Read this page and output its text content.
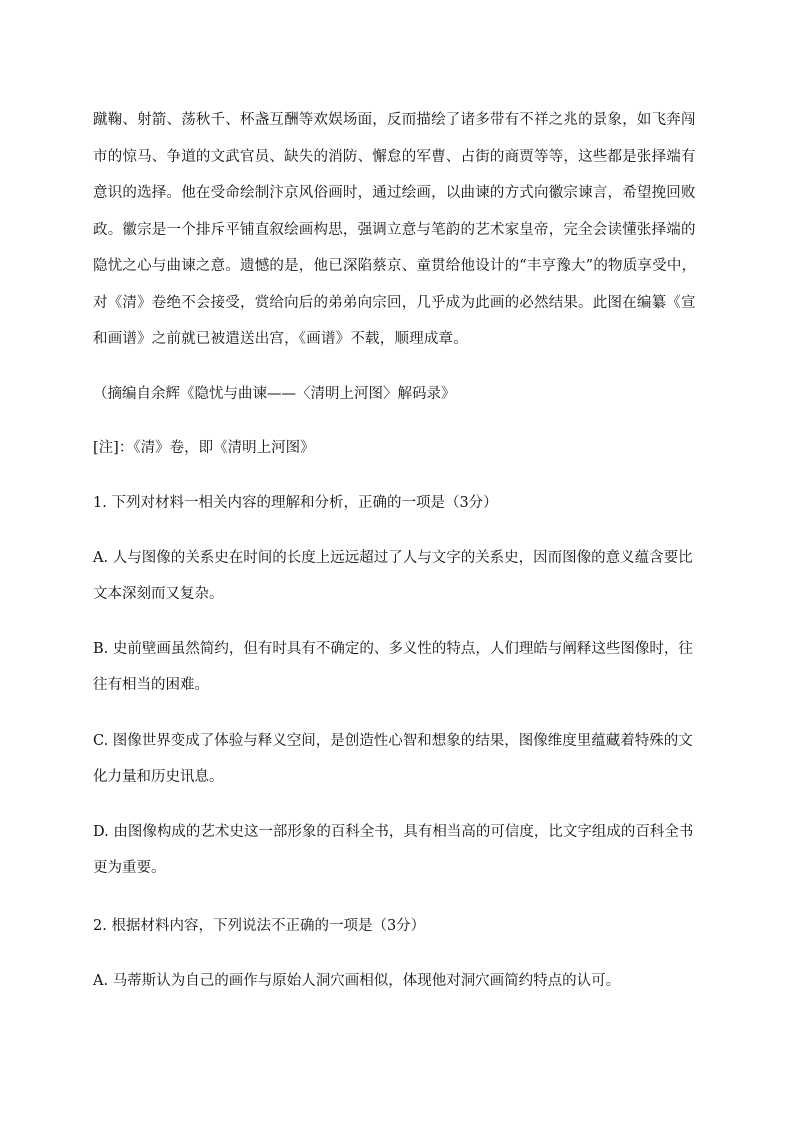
蹴鞠、射箭、荡秋千、杯盏互酬等欢娱场面，反而描绘了诸多带有不祥之兆的景象，如飞奔闯市的惊马、争道的文武官员、缺失的消防、懈怠的军曹、占街的商贾等等，这些都是张择端有意识的选择。他在受命绘制汴京风俗画时，通过绘画，以曲谏的方式向徽宗谏言，希望挽回败政。徽宗是一个排斥平铺直叙绘画构思，强调立意与笔韵的艺术家皇帝，完全会读懂张择端的隐忧之心与曲谏之意。遗憾的是，他已深陷蔡京、童贯给他设计的“丰亨豫大”的物质享受中，对《清》卷绝不会接受，赏给向后的弟弟向宗回，几乎成为此画的必然结果。此图在编纂《宣和画谱》之前就已被遣送出宫，《画谱》不载，顺理成章。

（摘编自余辉《隐忧与曲谏——〈清明上河图〉解码录》

[注]：《清》卷，即《清明上河图》

1. 下列对材料一相关内容的理解和分析，正确的一项是（3分）

A. 人与图像的关系史在时间的长度上远远超过了人与文字的关系史，因而图像的意义蕴含要比文本深刻而又复杂。

B. 史前壁画虽然简约，但有时具有不确定的、多义性的特点，人们理皓与阐释这些图像时，往往有相当的困难。

C. 图像世界变成了体验与释义空间，是创造性心智和想象的结果，图像维度里蕴藏着特殊的文化力量和历史讯息。

D. 由图像构成的艺术史这一部形象的百科全书，具有相当高的可信度，比文字组成的百科全书更为重要。

2. 根据材料内容，下列说法不正确的一项是（3分）

A. 马蒂斯认为自己的画作与原始人洞穴画相似，体现他对洞穴画简约特点的认可。
